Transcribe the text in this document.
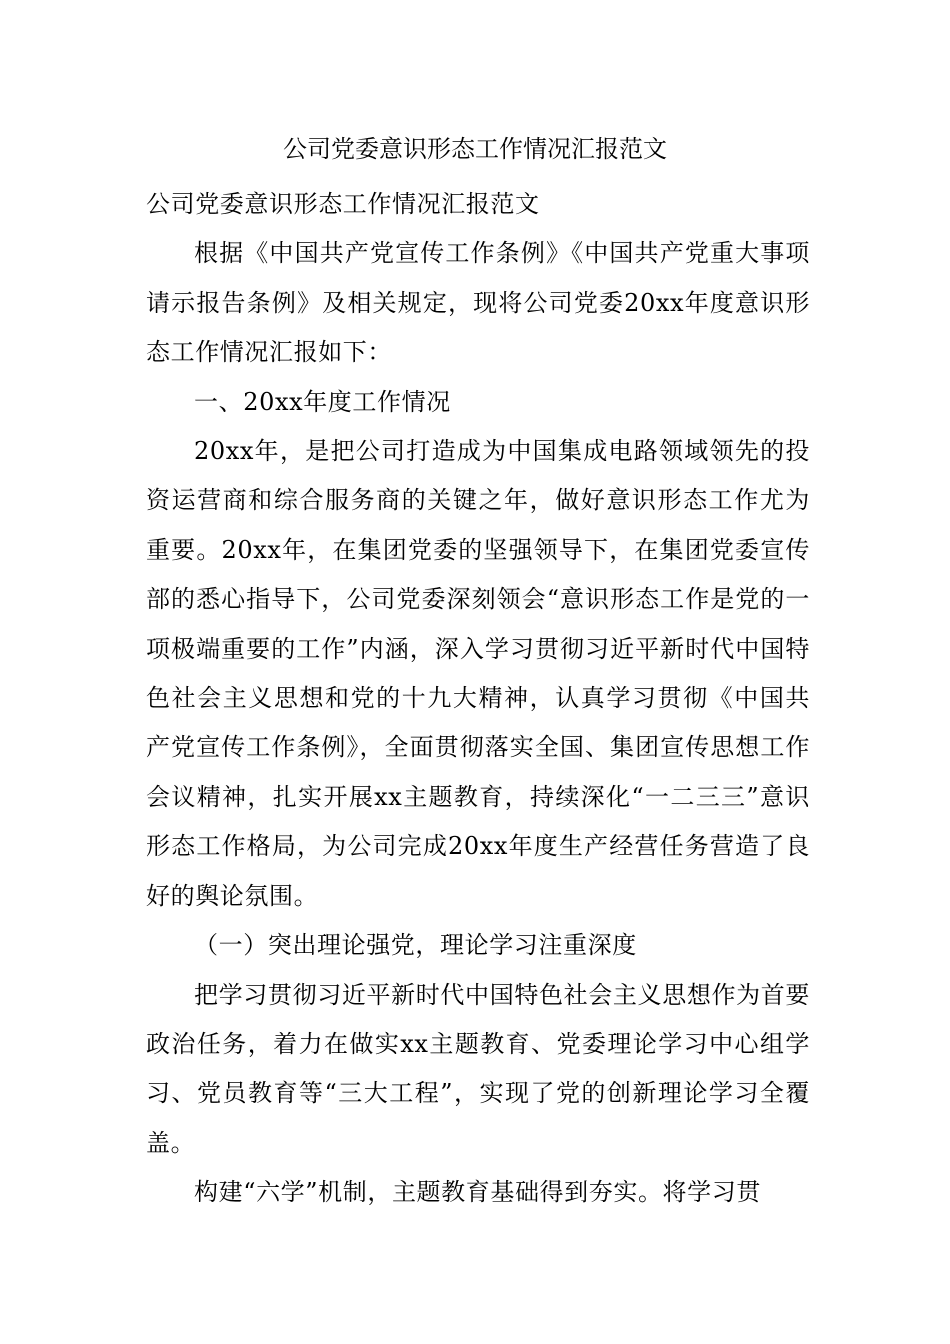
公司党委意识形态工作情况汇报范文

公司党委意识形态工作情况汇报范文

根据《中国共产党宣传工作条例》《中国共产党重大事项请示报告条例》及相关规定，现将公司党委20xx年度意识形态工作情况汇报如下：

一、20xx年度工作情况

20xx年，是把公司打造成为中国集成电路领域领先的投资运营商和综合服务商的关键之年，做好意识形态工作尤为重要。20xx年，在集团党委的坚强领导下，在集团党委宣传部的悉心指导下，公司党委深刻领会“意识形态工作是党的一项极端重要的工作”内涵，深入学习贯彻习近平新时代中国特色社会主义思想和党的十九大精神，认真学习贯彻《中国共产党宣传工作条例》，全面贯彻落实全国、集团宣传思想工作会议精神，扎实开展xx主题教育，持续深化“一二三三”意识形态工作格局，为公司完成20xx年度生产经营任务营造了良好的舆论氛围。

（一）突出理论强党，理论学习注重深度

把学习贯彻习近平新时代中国特色社会主义思想作为首要政治任务，着力在做实xx主题教育、党委理论学习中心组学习、党员教育等“三大工程”，实现了党的创新理论学习全覆盖。

构建“六学”机制，主题教育基础得到夯实。将学习贯
